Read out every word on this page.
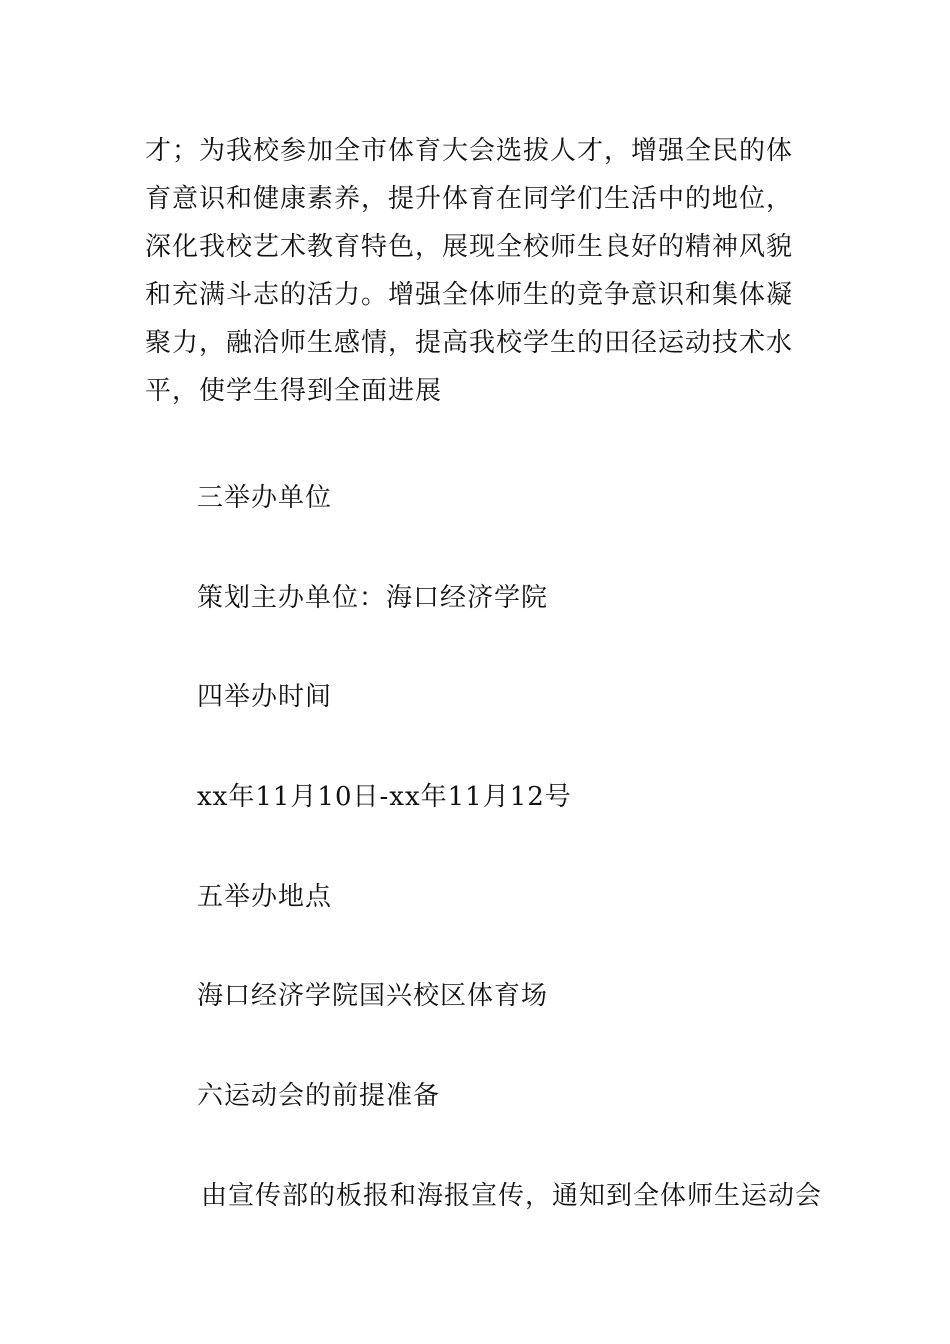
才；为我校参加全市体育大会选拔人才，增强全民的体育意识和健康素养，提升体育在同学们生活中的地位，深化我校艺术教育特色，展现全校师生良好的精神风貌和充满斗志的活力。增强全体师生的竞争意识和集体凝聚力，融洽师生感情，提高我校学生的田径运动技术水平，使学生得到全面进展
三举办单位
策划主办单位：海口经济学院
四举办时间
xx年11月10日-xx年11月12号
五举办地点
海口经济学院国兴校区体育场
六运动会的前提准备
由宣传部的板报和海报宣传，通知到全体师生运动会
